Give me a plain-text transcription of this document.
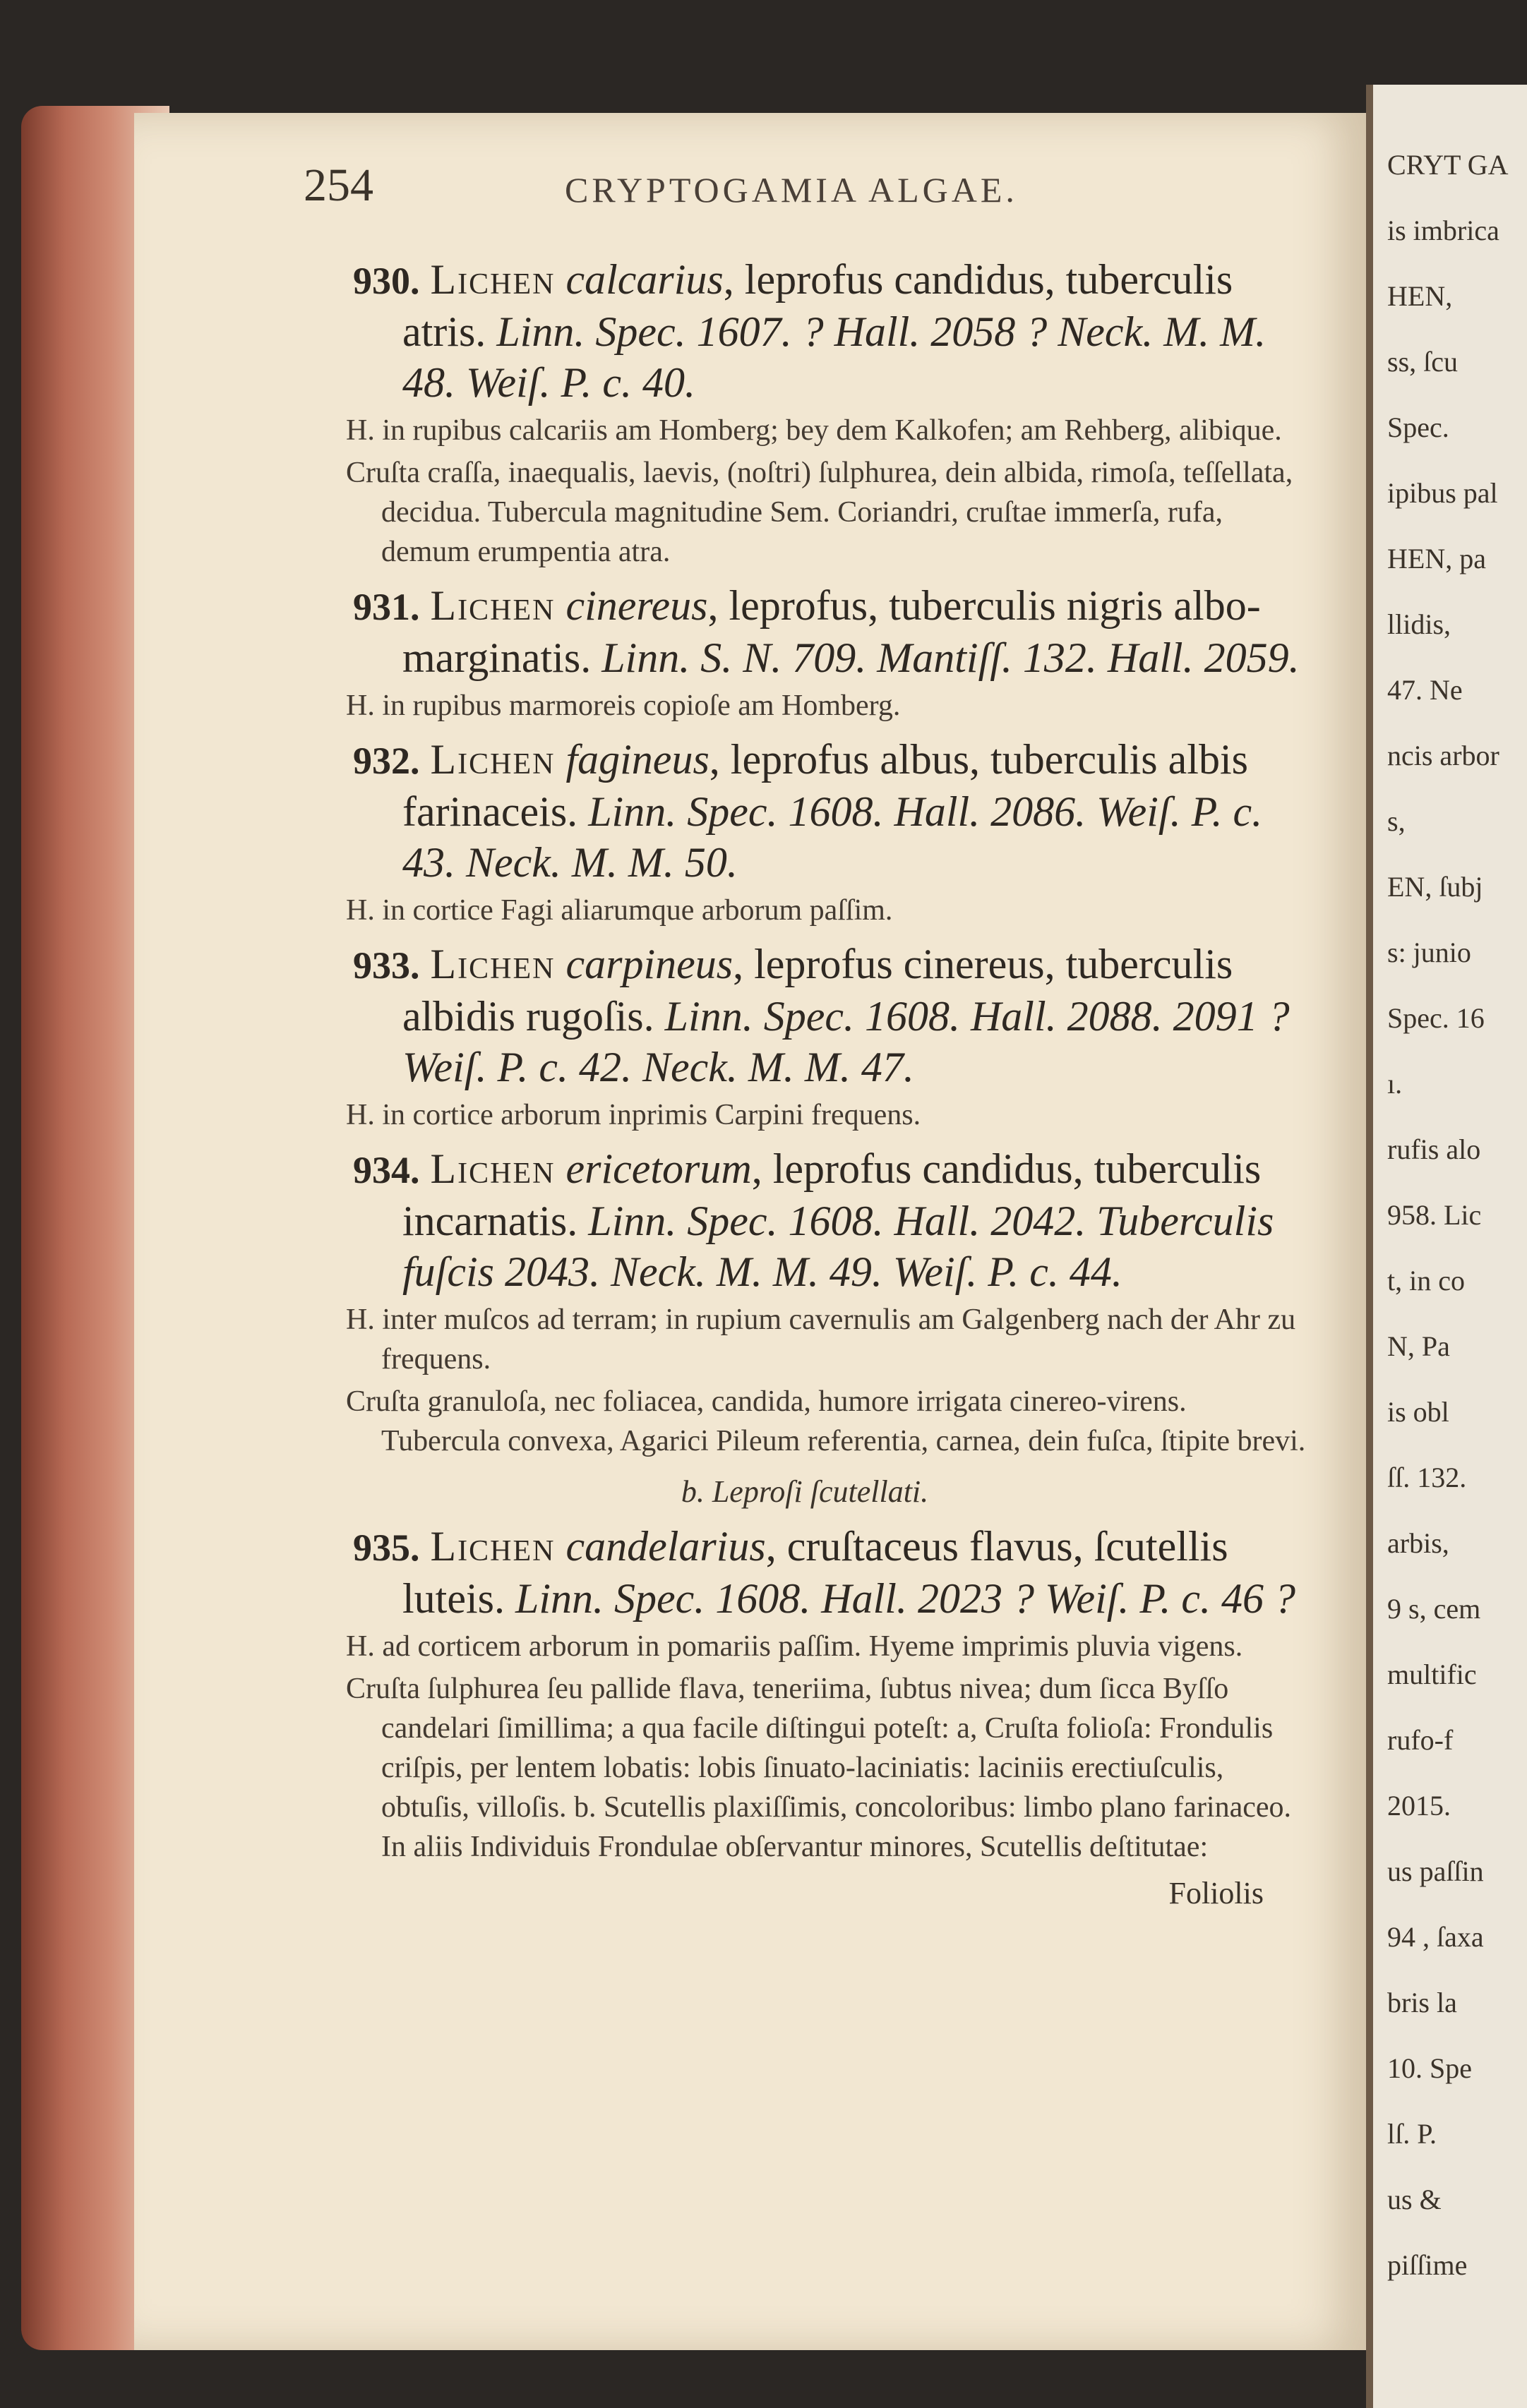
254	CRYPTOGAMIA ALGAE.

930. Lichen calcarius, leprofus candidus, tuberculis atris. Linn. Spec. 1607. ? Hall. 2058 ? Neck. M. M. 48. Weiſ. P. c. 40.

H. in rupibus calcariis am Homberg; bey dem Kalkofen; am Rehberg, alibique.

Cruſta craſſa, inaequalis, laevis, (noſtri) ſulphurea, dein albida, rimoſa, teſſellata, decidua. Tubercula magnitudine Sem. Coriandri, cruſtae immerſa, rufa, demum erumpentia atra.

931. Lichen cinereus, leprofus, tuberculis nigris albo-marginatis. Linn. S. N. 709. Mantiſſ. 132. Hall. 2059.

H. in rupibus marmoreis copioſe am Homberg.

932. Lichen fagineus, leprofus albus, tuberculis albis farinaceis. Linn. Spec. 1608. Hall. 2086. Weiſ. P. c. 43. Neck. M. M. 50.

H. in cortice Fagi aliarumque arborum paſſim.

933. Lichen carpineus, leprofus cinereus, tuberculis albidis rugoſis. Linn. Spec. 1608. Hall. 2088. 2091 ? Weiſ. P. c. 42. Neck. M. M. 47.

H. in cortice arborum inprimis Carpini frequens.

934. Lichen ericetorum, leprofus candidus, tuberculis incarnatis. Linn. Spec. 1608. Hall. 2042. Tuberculis fuſcis 2043. Neck. M. M. 49. Weiſ. P. c. 44.

H. inter muſcos ad terram; in rupium cavernulis am Galgenberg nach der Ahr zu frequens.

Cruſta granuloſa, nec foliacea, candida, humore irrigata cinereo-virens. Tubercula convexa, Agarici Pileum referentia, carnea, dein fuſca, ſtipite brevi.

b. Leproſi ſcutellati.

935. Lichen candelarius, cruſtaceus flavus, ſcutellis luteis. Linn. Spec. 1608. Hall. 2023 ? Weiſ. P. c. 46 ?

H. ad corticem arborum in pomariis paſſim. Hyeme imprimis pluvia vigens.

Cruſta ſulphurea ſeu pallide flava, teneriima, ſubtus nivea; dum ſicca Byſſo candelari ſimillima; a qua facile diſtingui poteſt: a, Cruſta folioſa: Frondulis criſpis, per lentem lobatis: lobis ſinuato-laciniatis: laciniis erectiuſculis, obtuſis, villoſis. b. Scutellis plaxiſſimis, concoloribus: limbo plano farinaceo. In aliis Individuis Frondulae obſervantur minores, Scutellis deſtitutae:

Foliolis
CRYT GA
is imbrica
HEN,
ss, ſcu
Spec.
ipibus pal
HEN, pa
llidis,
47. Ne
ncis arbor
s,
EN, ſubj
s: junio
Spec. 16
ı.
rufis alo
958. Lic
t, in co
N, Pa
is obl
ſſ. 132.
arbis,
9 s, cem
multific
rufo-f
2015.
us paſſin
94 , ſaxa
bris la
10. Spe
lſ. P.
us &
piſſime
